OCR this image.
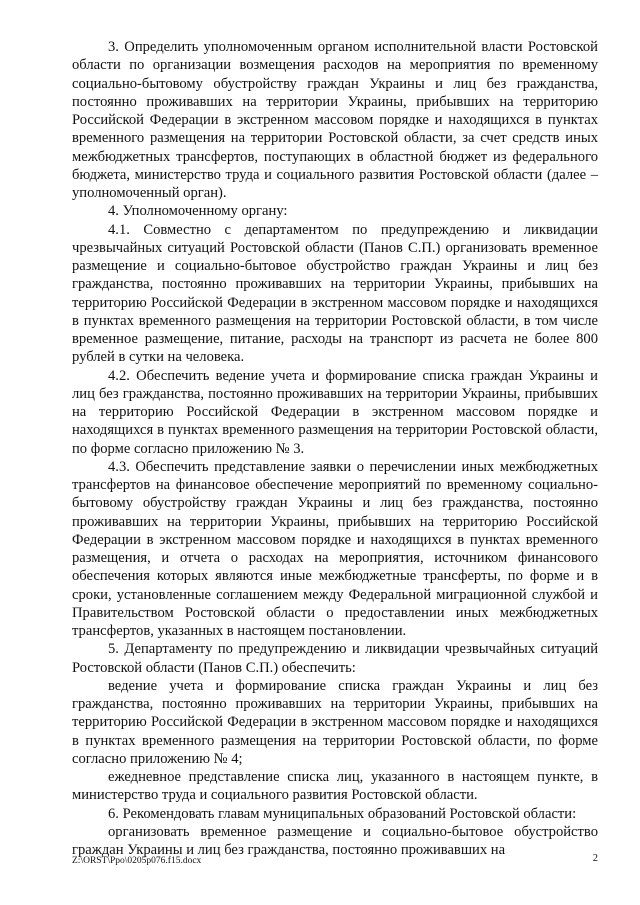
3. Определить уполномоченным органом исполнительной власти Ростовской области по организации возмещения расходов на мероприятия по временному социально-бытовому обустройству граждан Украины и лиц без гражданства, постоянно проживавших на территории Украины, прибывших на территорию Российской Федерации в экстренном массовом порядке и находящихся в пунктах временного размещения на территории Ростовской области, за счет средств иных межбюджетных трансфертов, поступающих в областной бюджет из федерального бюджета, министерство труда и социального развития Ростовской области (далее – уполномоченный орган).

4. Уполномоченному органу:

4.1. Совместно с департаментом по предупреждению и ликвидации чрезвычайных ситуаций Ростовской области (Панов С.П.) организовать временное размещение и социально-бытовое обустройство граждан Украины и лиц без гражданства, постоянно проживавших на территории Украины, прибывших на территорию Российской Федерации в экстренном массовом порядке и находящихся в пунктах временного размещения на территории Ростовской области, в том числе временное размещение, питание, расходы на транспорт из расчета не более 800 рублей в сутки на человека.

4.2. Обеспечить ведение учета и формирование списка граждан Украины и лиц без гражданства, постоянно проживавших на территории Украины, прибывших на территорию Российской Федерации в экстренном массовом порядке и находящихся в пунктах временного размещения на территории Ростовской области, по форме согласно приложению № 3.

4.3. Обеспечить представление заявки о перечислении иных межбюджетных трансфертов на финансовое обеспечение мероприятий по временному социально-бытовому обустройству граждан Украины и лиц без гражданства, постоянно проживавших на территории Украины, прибывших на территорию Российской Федерации в экстренном массовом порядке и находящихся в пунктах временного размещения, и отчета о расходах на мероприятия, источником финансового обеспечения которых являются иные межбюджетные трансферты, по форме и в сроки, установленные соглашением между Федеральной миграционной службой и Правительством Ростовской области о предоставлении иных межбюджетных трансфертов, указанных в настоящем постановлении.

5. Департаменту по предупреждению и ликвидации чрезвычайных ситуаций Ростовской области (Панов С.П.) обеспечить:

ведение учета и формирование списка граждан Украины и лиц без гражданства, постоянно проживавших на территории Украины, прибывших на территорию Российской Федерации в экстренном массовом порядке и находящихся в пунктах временного размещения на территории Ростовской области, по форме согласно приложению № 4;

ежедневное представление списка лиц, указанного в настоящем пункте, в министерство труда и социального развития Ростовской области.

6. Рекомендовать главам муниципальных образований Ростовской области:

организовать временное размещение и социально-бытовое обустройство граждан Украины и лиц без гражданства, постоянно проживавших на

Z:\ORST\Ppo\0205p076.f15.docx	2
